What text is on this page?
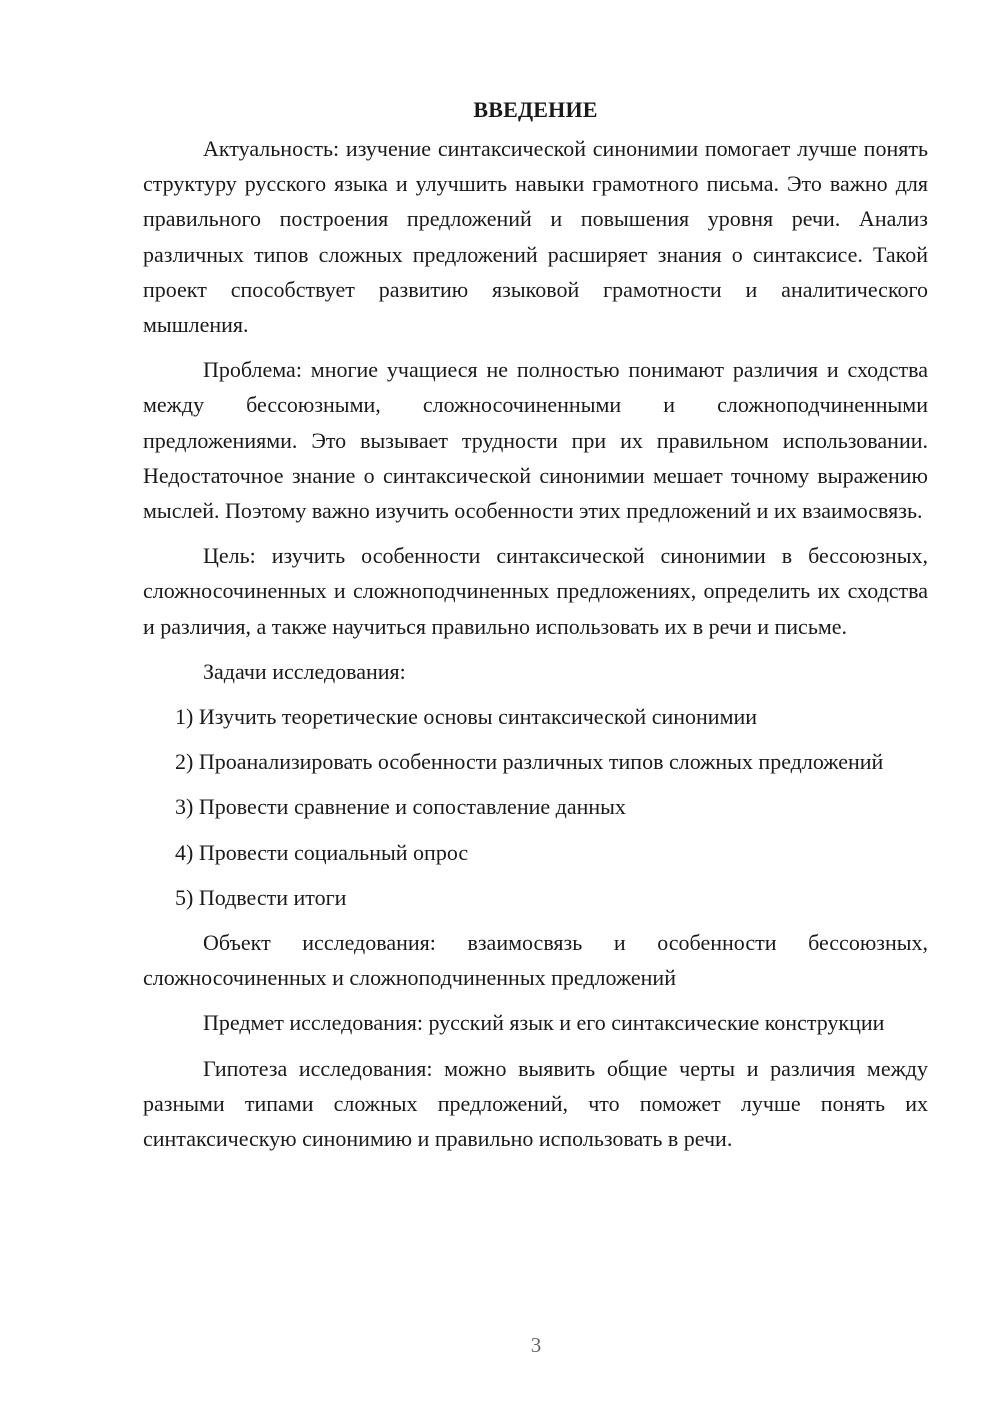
ВВЕДЕНИЕ

Актуальность: изучение синтаксической синонимии помогает лучше понять структуру русского языка и улучшить навыки грамотного письма. Это важно для правильного построения предложений и повышения уровня речи. Анализ различных типов сложных предложений расширяет знания о синтаксисе. Такой проект способствует развитию языковой грамотности и аналитического мышления.

Проблема: многие учащиеся не полностью понимают различия и сходства между бессоюзными, сложносочиненными и сложноподчиненными предложениями. Это вызывает трудности при их правильном использовании. Недостаточное знание о синтаксической синонимии мешает точному выражению мыслей. Поэтому важно изучить особенности этих предложений и их взаимосвязь.

Цель: изучить особенности синтаксической синонимии в бессоюзных, сложносочиненных и сложноподчиненных предложениях, определить их сходства и различия, а также научиться правильно использовать их в речи и письме.

Задачи исследования:

1) Изучить теоретические основы синтаксической синонимии

2) Проанализировать особенности различных типов сложных предложений

3) Провести сравнение и сопоставление данных

4) Провести социальный опрос

5) Подвести итоги

Объект исследования: взаимосвязь и особенности бессоюзных, сложносочиненных и сложноподчиненных предложений

Предмет исследования: русский язык и его синтаксические конструкции

Гипотеза исследования: можно выявить общие черты и различия между разными типами сложных предложений, что поможет лучше понять их синтаксическую синонимию и правильно использовать в речи.

3
